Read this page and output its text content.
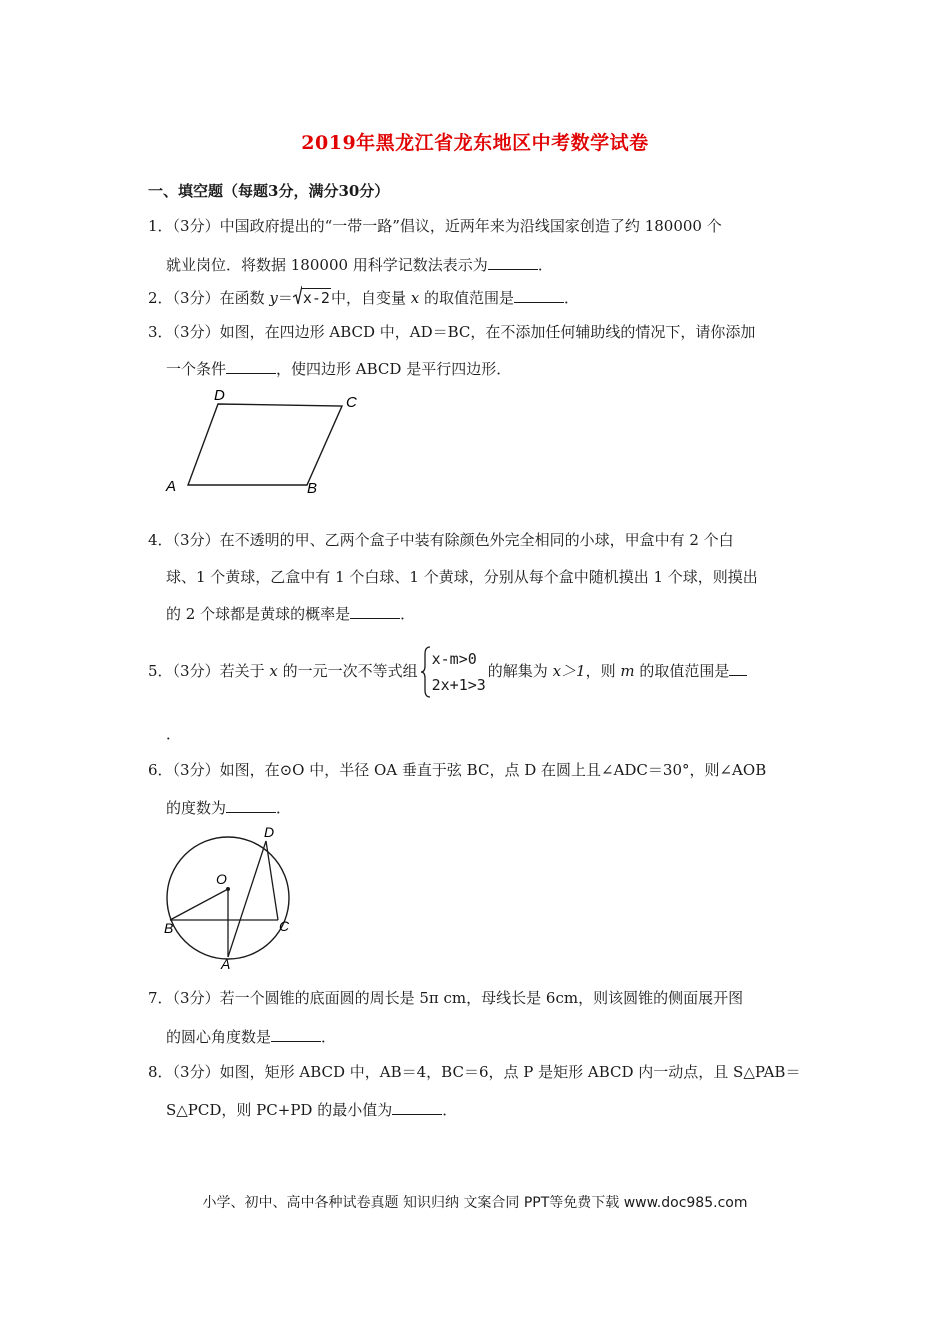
2019年黑龙江省龙东地区中考数学试卷
一、填空题（每题3分，满分30分）
1．（3分）中国政府提出的“一带一路”倡议，近两年来为沿线国家创造了约 180000 个
就业岗位．将数据 180000 用科学记数法表示为	．
2．（3分）在函数 y＝ x-2中，自变量 x 的取值范围是	．
3．（3分）如图，在四边形 ABCD 中，AD＝BC，在不添加任何辅助线的情况下，请你添加
一个条件	，使四边形 ABCD 是平行四边形．
A	B
C
D
4．（3分）在不透明的甲、乙两个盒子中装有除颜色外完全相同的小球，甲盒中有 2 个白
球、1 个黄球，乙盒中有 1 个白球、1 个黄球，分别从每个盒中随机摸出 1 个球，则摸出
的 2 个球都是黄球的概率是	．
5．（3分）若关于 x 的一元一次不等式组
x-m>0
2x+1>3
的解集为 x＞1，则 m 的取值范围是
．
6．（3分）如图，在⊙O 中，半径 OA 垂直于弦 BC，点 D 在圆上且∠ADC＝30°，则∠AOB
的度数为	．
O
B	C
D
A
7．（3分）若一个圆锥的底面圆的周长是 5π cm，母线长是 6cm，则该圆锥的侧面展开图
的圆心角度数是	．
8．（3分）如图，矩形 ABCD 中，AB＝4，BC＝6，点 P 是矩形 ABCD 内一动点，且 S△PAB＝
S△PCD，则 PC+PD 的最小值为	．
小学、初中、高中各种试卷真题 知识归纳 文案合同 PPT等免费下载 www.doc985.com
